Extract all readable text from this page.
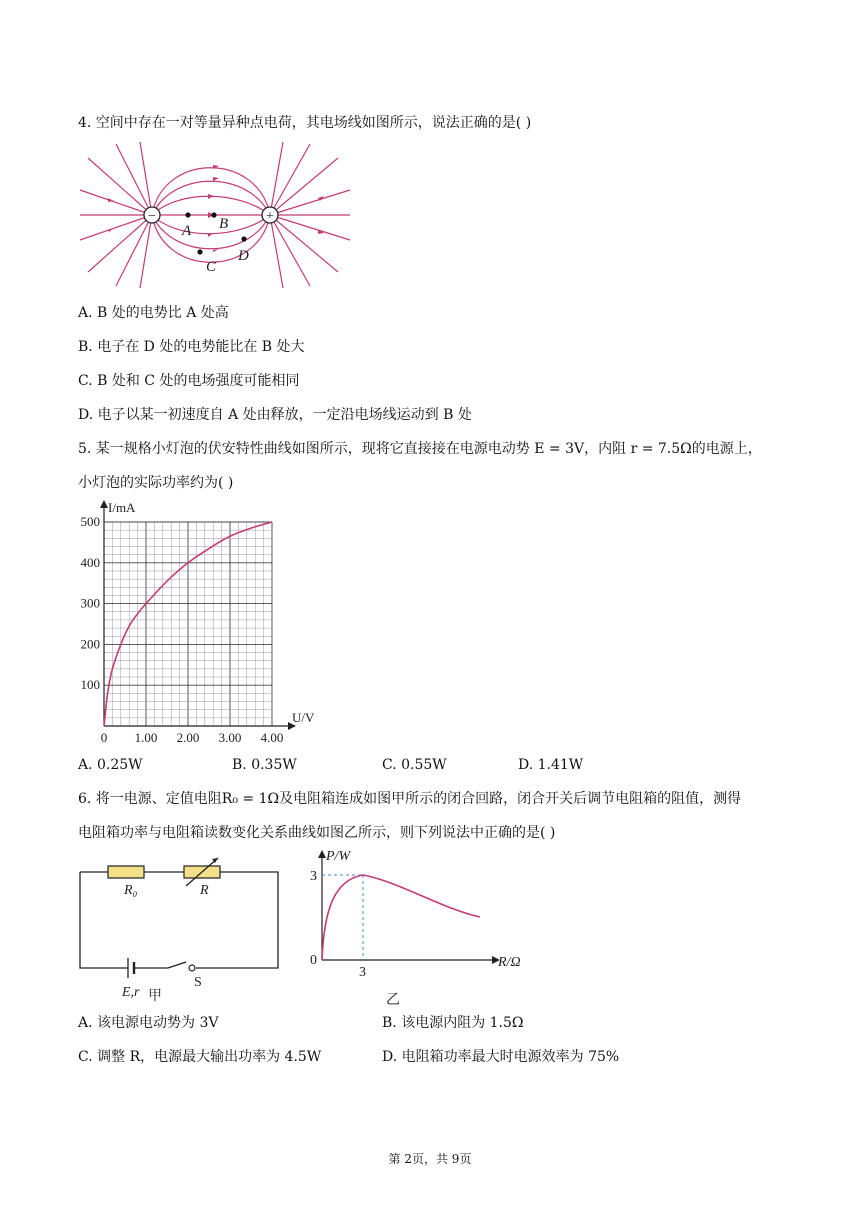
4. 空间中存在一对等量异种点电荷，其电场线如图所示，说法正确的是( )
−	+
A B
C
D
A. B 处的电势比 A 处高
B. 电子在 D 处的电势能比在 B 处大
C. B 处和 C 处的电场强度可能相同
D. 电子以某一初速度自 A 处由释放，一定沿电场线运动到 B 处
5. 某一规格小灯泡的伏安特性曲线如图所示，现将它直接接在电源电动势 E = 3V，内阻 r = 7.5Ω的电源上，
小灯泡的实际功率约为( )
0 1.00 2.00 3.00 4.00
100
200
300
400
500
I/mA
U/V
A. 0.25W	B. 0.35W	C. 0.55W	D. 1.41W
6. 将一电源、定值电阻R₀ = 1Ω及电阻箱连成如图甲所示的闭合回路，闭合开关后调节电阻箱的阻值，测得
电阻箱功率与电阻箱读数变化关系曲线如图乙所示，则下列说法中正确的是( )
R₀	R
E,r
S
甲
P/W
R/Ω
0
3
3
乙
A. 该电源电动势为 3V	B. 该电源内阻为 1.5Ω
C. 调整 R，电源最大输出功率为 4.5W	D. 电阻箱功率最大时电源效率为 75%
第 2页，共 9页
